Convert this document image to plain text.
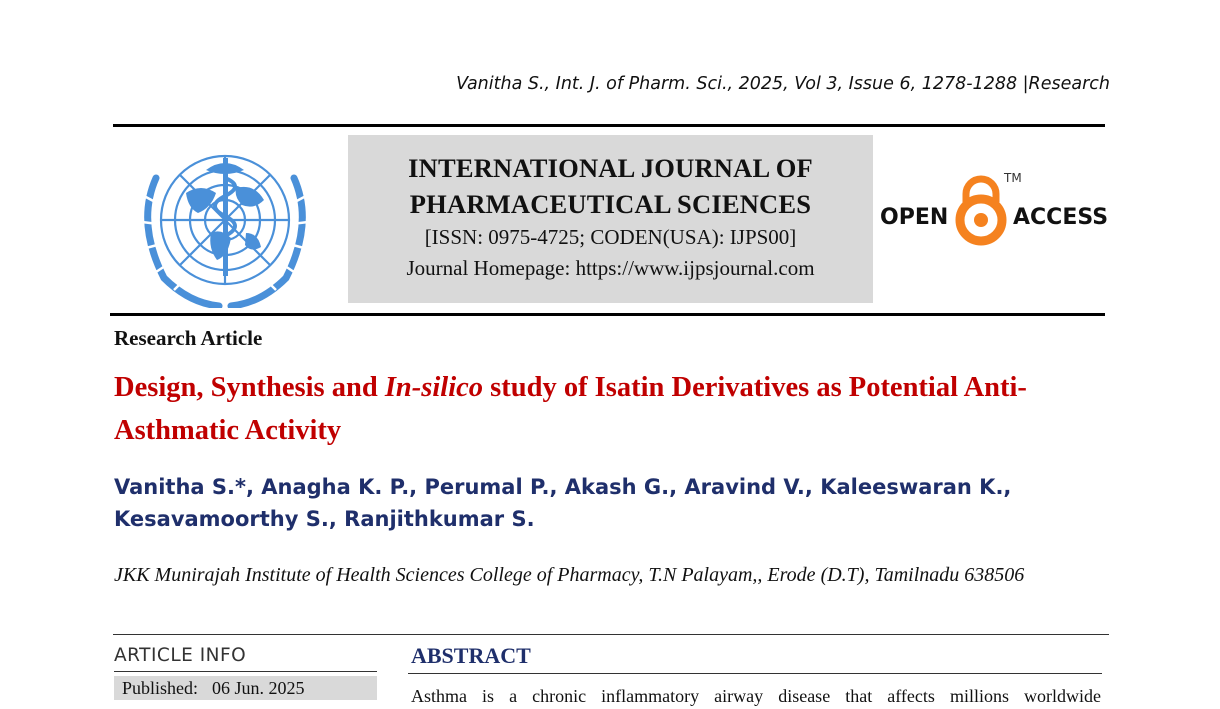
Vanitha S., Int. J. of Pharm. Sci., 2025, Vol 3, Issue 6, 1278-1288 |Research
INTERNATIONAL JOURNAL OF
PHARMACEUTICAL SCIENCES
[ISSN: 0975-4725; CODEN(USA): IJPS00]
Journal Homepage: https://www.ijpsjournal.com
OPEN	ACCESS
TM
Research Article
Design, Synthesis and In-silico study of Isatin Derivatives as Potential Anti-Asthmatic Activity
Vanitha S.*, Anagha K. P., Perumal P., Akash G., Aravind V., Kaleeswaran K.,
Kesavamoorthy S., Ranjithkumar S.
JKK Munirajah Institute of Health Sciences College of Pharmacy, T.N Palayam,, Erode (D.T), Tamilnadu 638506
ARTICLE INFO
Published: 06 Jun. 2025
ABSTRACT
Asthma is a chronic inflammatory airway disease that affects millions worldwide
